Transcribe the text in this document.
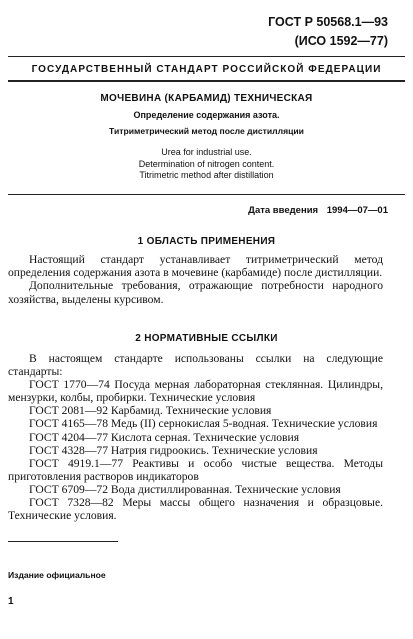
ГОСТ Р 50568.1—93
(ИСО 1592—77)
ГОСУДАРСТВЕННЫЙ СТАНДАРТ РОССИЙСКОЙ ФЕДЕРАЦИИ
МОЧЕВИНА (КАРБАМИД) ТЕХНИЧЕСКАЯ
Определение содержания азота.
Титриметрический метод после дистилляции
Urea for industrial use.
Determination of nitrogen content.
Titrimetric method after distillation
Дата введения 1994—07—01
1 ОБЛАСТЬ ПРИМЕНЕНИЯ

Настоящий стандарт устанавливает титриметрический метод определения содержания азота в мочевине (карбамиде) после дистилляции.

Дополнительные требования, отражающие потребности народного хозяйства, выделены курсивом.

2 НОРМАТИВНЫЕ ССЫЛКИ

В настоящем стандарте использованы ссылки на следующие стандарты:

ГОСТ 1770—74 Посуда мерная лабораторная стеклянная. Цилиндры, мензурки, колбы, пробирки. Технические условия

ГОСТ 2081—92 Карбамид. Технические условия

ГОСТ 4165—78 Медь (II) сернокислая 5-водная. Технические условия

ГОСТ 4204—77 Кислота серная. Технические условия

ГОСТ 4328—77 Натрия гидроокись. Технические условия

ГОСТ 4919.1—77 Реактивы и особо чистые вещества. Методы приготовления растворов индикаторов

ГОСТ 6709—72 Вода дистиллированная. Технические условия

ГОСТ 7328—82 Меры массы общего назначения и образцовые. Технические условия.

Издание официальное
1
